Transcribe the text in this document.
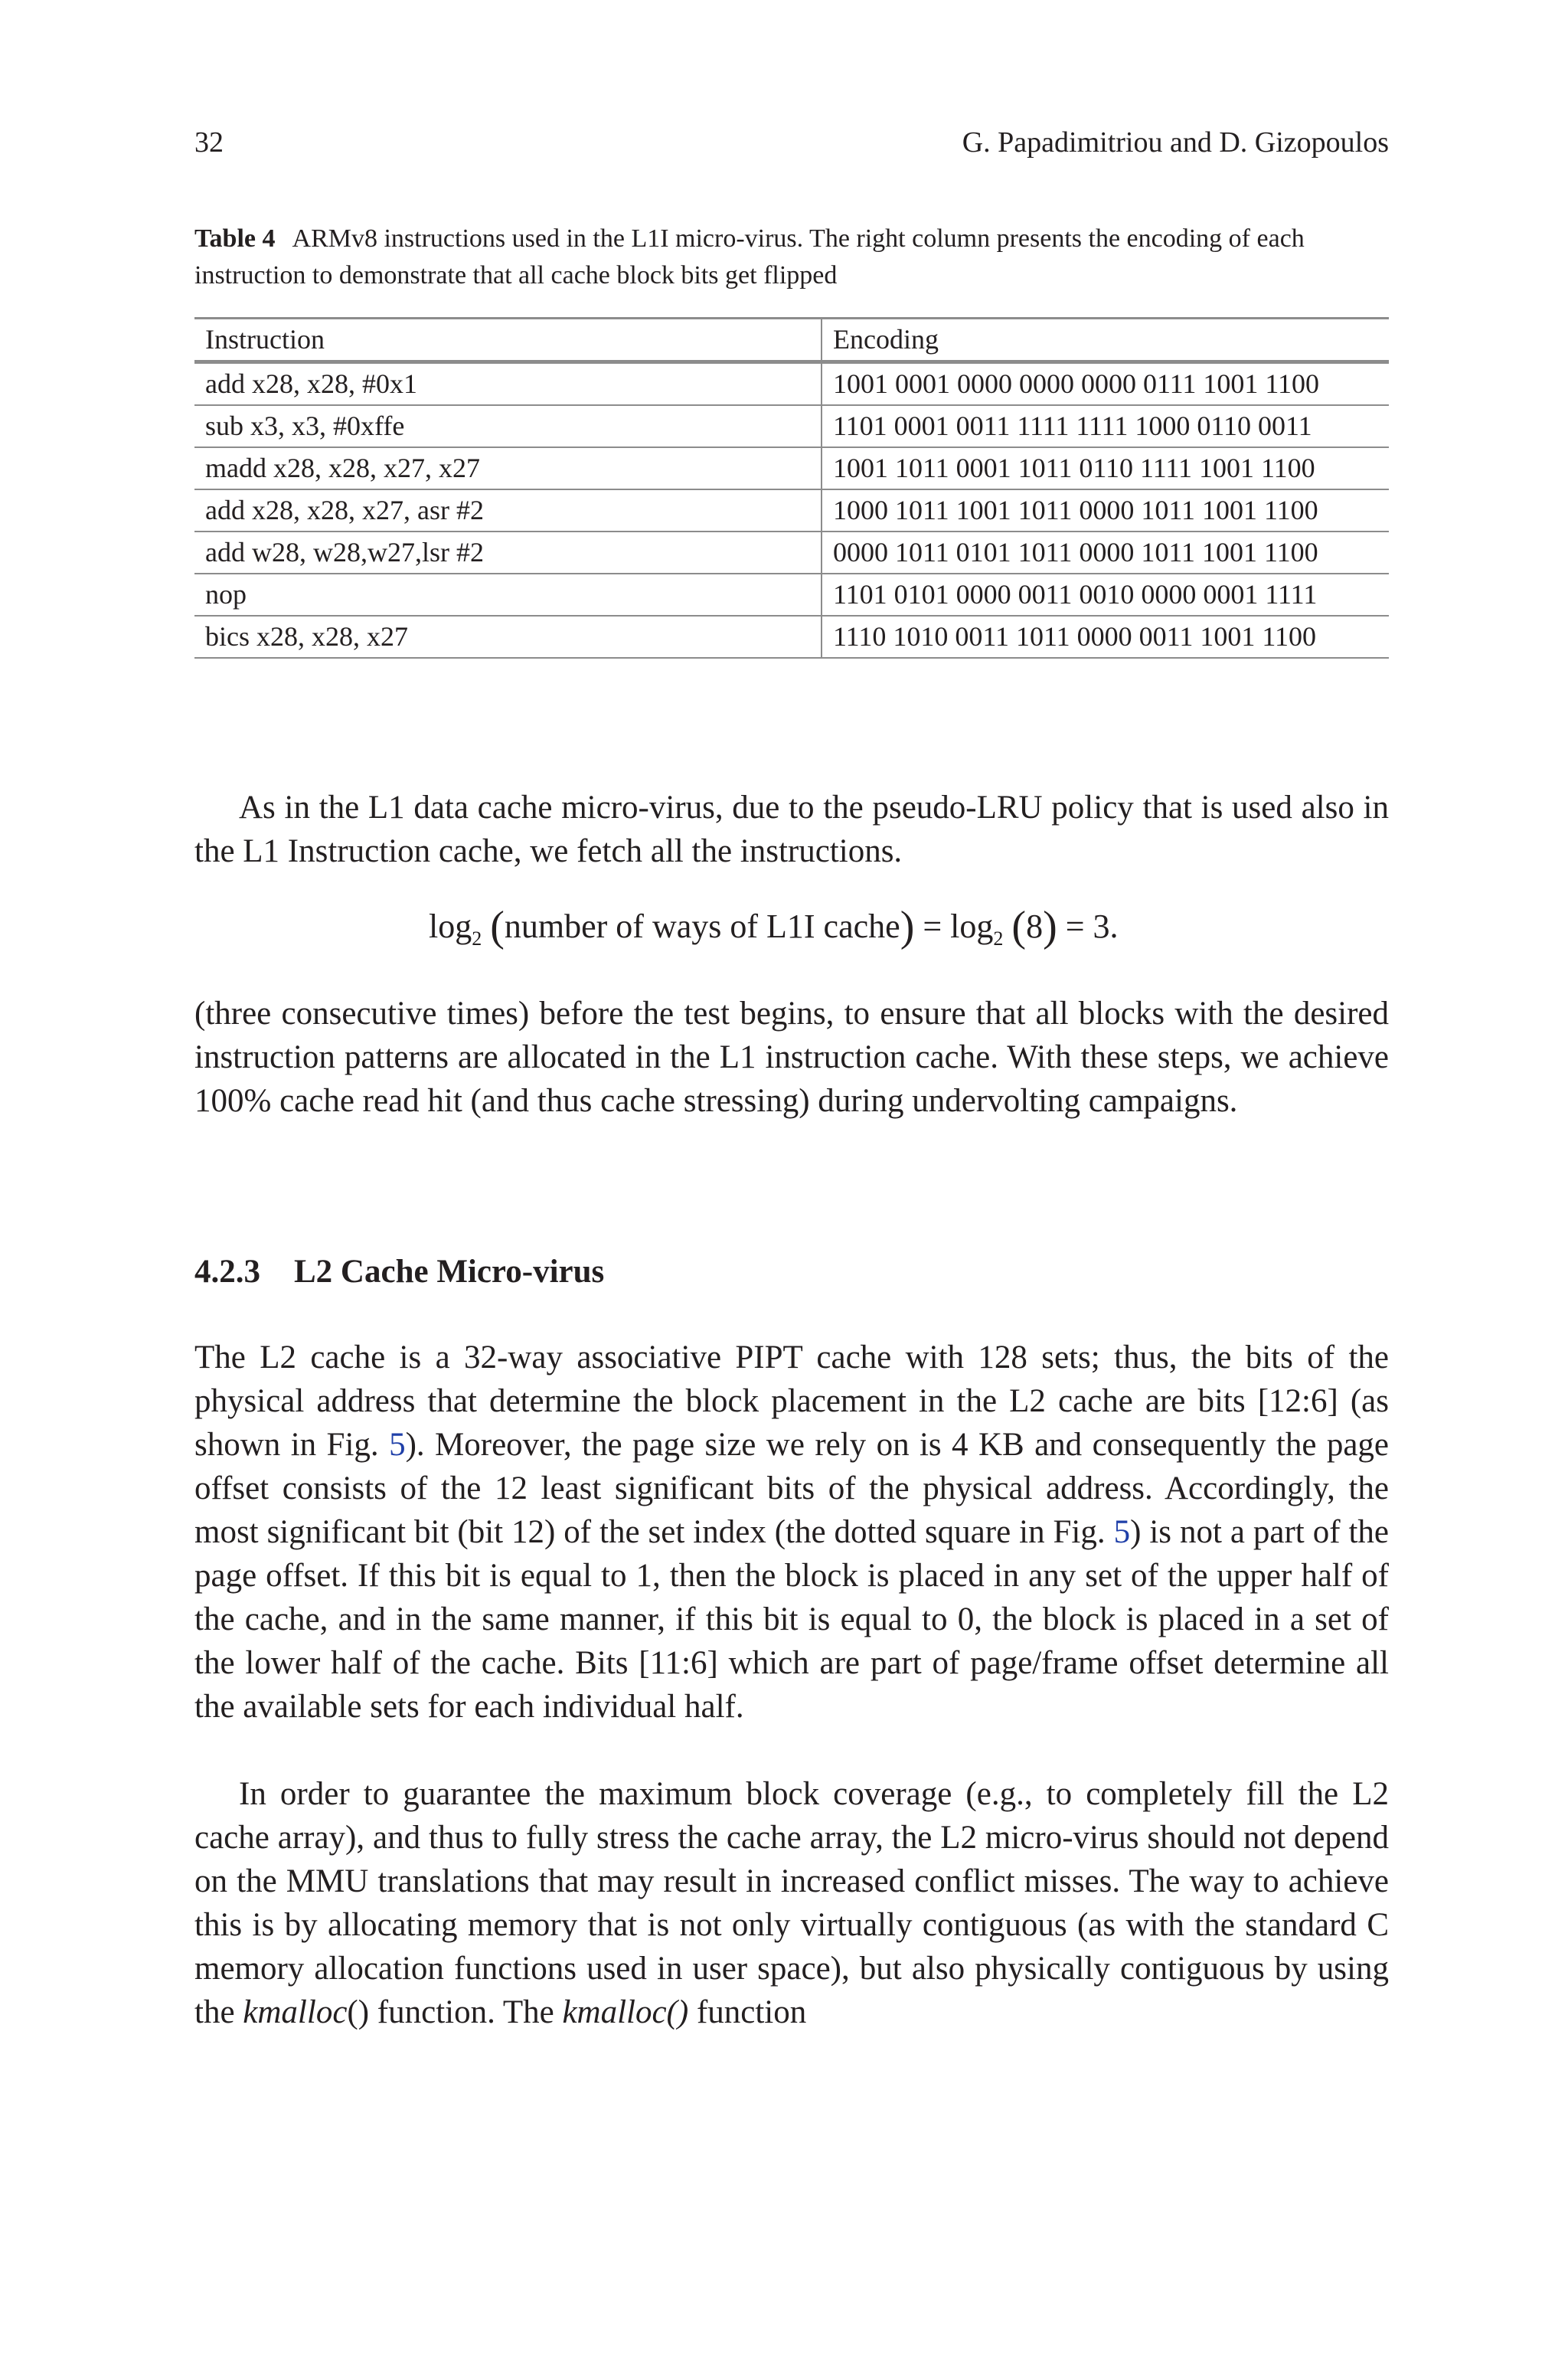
32	G. Papadimitriou and D. Gizopoulos
Table 4 ARMv8 instructions used in the L1I micro-virus. The right column presents the encoding of each instruction to demonstrate that all cache block bits get flipped
Instruction	Encoding
add x28, x28, #0x1	1001 0001 0000 0000 0000 0111 1001 1100
sub x3, x3, #0xffe	1101 0001 0011 1111 1111 1000 0110 0011
madd x28, x28, x27, x27	1001 1011 0001 1011 0110 1111 1001 1100
add x28, x28, x27, asr #2	1000 1011 1001 1011 0000 1011 1001 1100
add w28, w28,w27,lsr #2	0000 1011 0101 1011 0000 1011 1001 1100
nop	1101 0101 0000 0011 0010 0000 0001 1111
bics x28, x28, x27	1110 1010 0011 1011 0000 0011 1001 1100

As in the L1 data cache micro-virus, due to the pseudo-LRU policy that is used also in the L1 Instruction cache, we fetch all the instructions.

$\log_2$ (number of ways of L1I cache) = $\log_2 (8) = 3$.

(three consecutive times) before the test begins, to ensure that all blocks with the desired instruction patterns are allocated in the L1 instruction cache. With these steps, we achieve 100% cache read hit (and thus cache stressing) during undervolting campaigns.

4.2.3 L2 Cache Micro-virus

The L2 cache is a 32-way associative PIPT cache with 128 sets; thus, the bits of the physical address that determine the block placement in the L2 cache are bits [12:6] (as shown in Fig. 5). Moreover, the page size we rely on is 4 KB and consequently the page offset consists of the 12 least significant bits of the physical address. Accordingly, the most significant bit (bit 12) of the set index (the dotted square in Fig. 5) is not a part of the page offset. If this bit is equal to 1, then the block is placed in any set of the upper half of the cache, and in the same manner, if this bit is equal to 0, the block is placed in a set of the lower half of the cache. Bits [11:6] which are part of page/frame offset determine all the available sets for each individual half.

In order to guarantee the maximum block coverage (e.g., to completely fill the L2 cache array), and thus to fully stress the cache array, the L2 micro-virus should not depend on the MMU translations that may result in increased conflict misses. The way to achieve this is by allocating memory that is not only virtually contiguous (as with the standard C memory allocation functions used in user space), but also physically contiguous by using the kmalloc() function. The kmalloc() function
